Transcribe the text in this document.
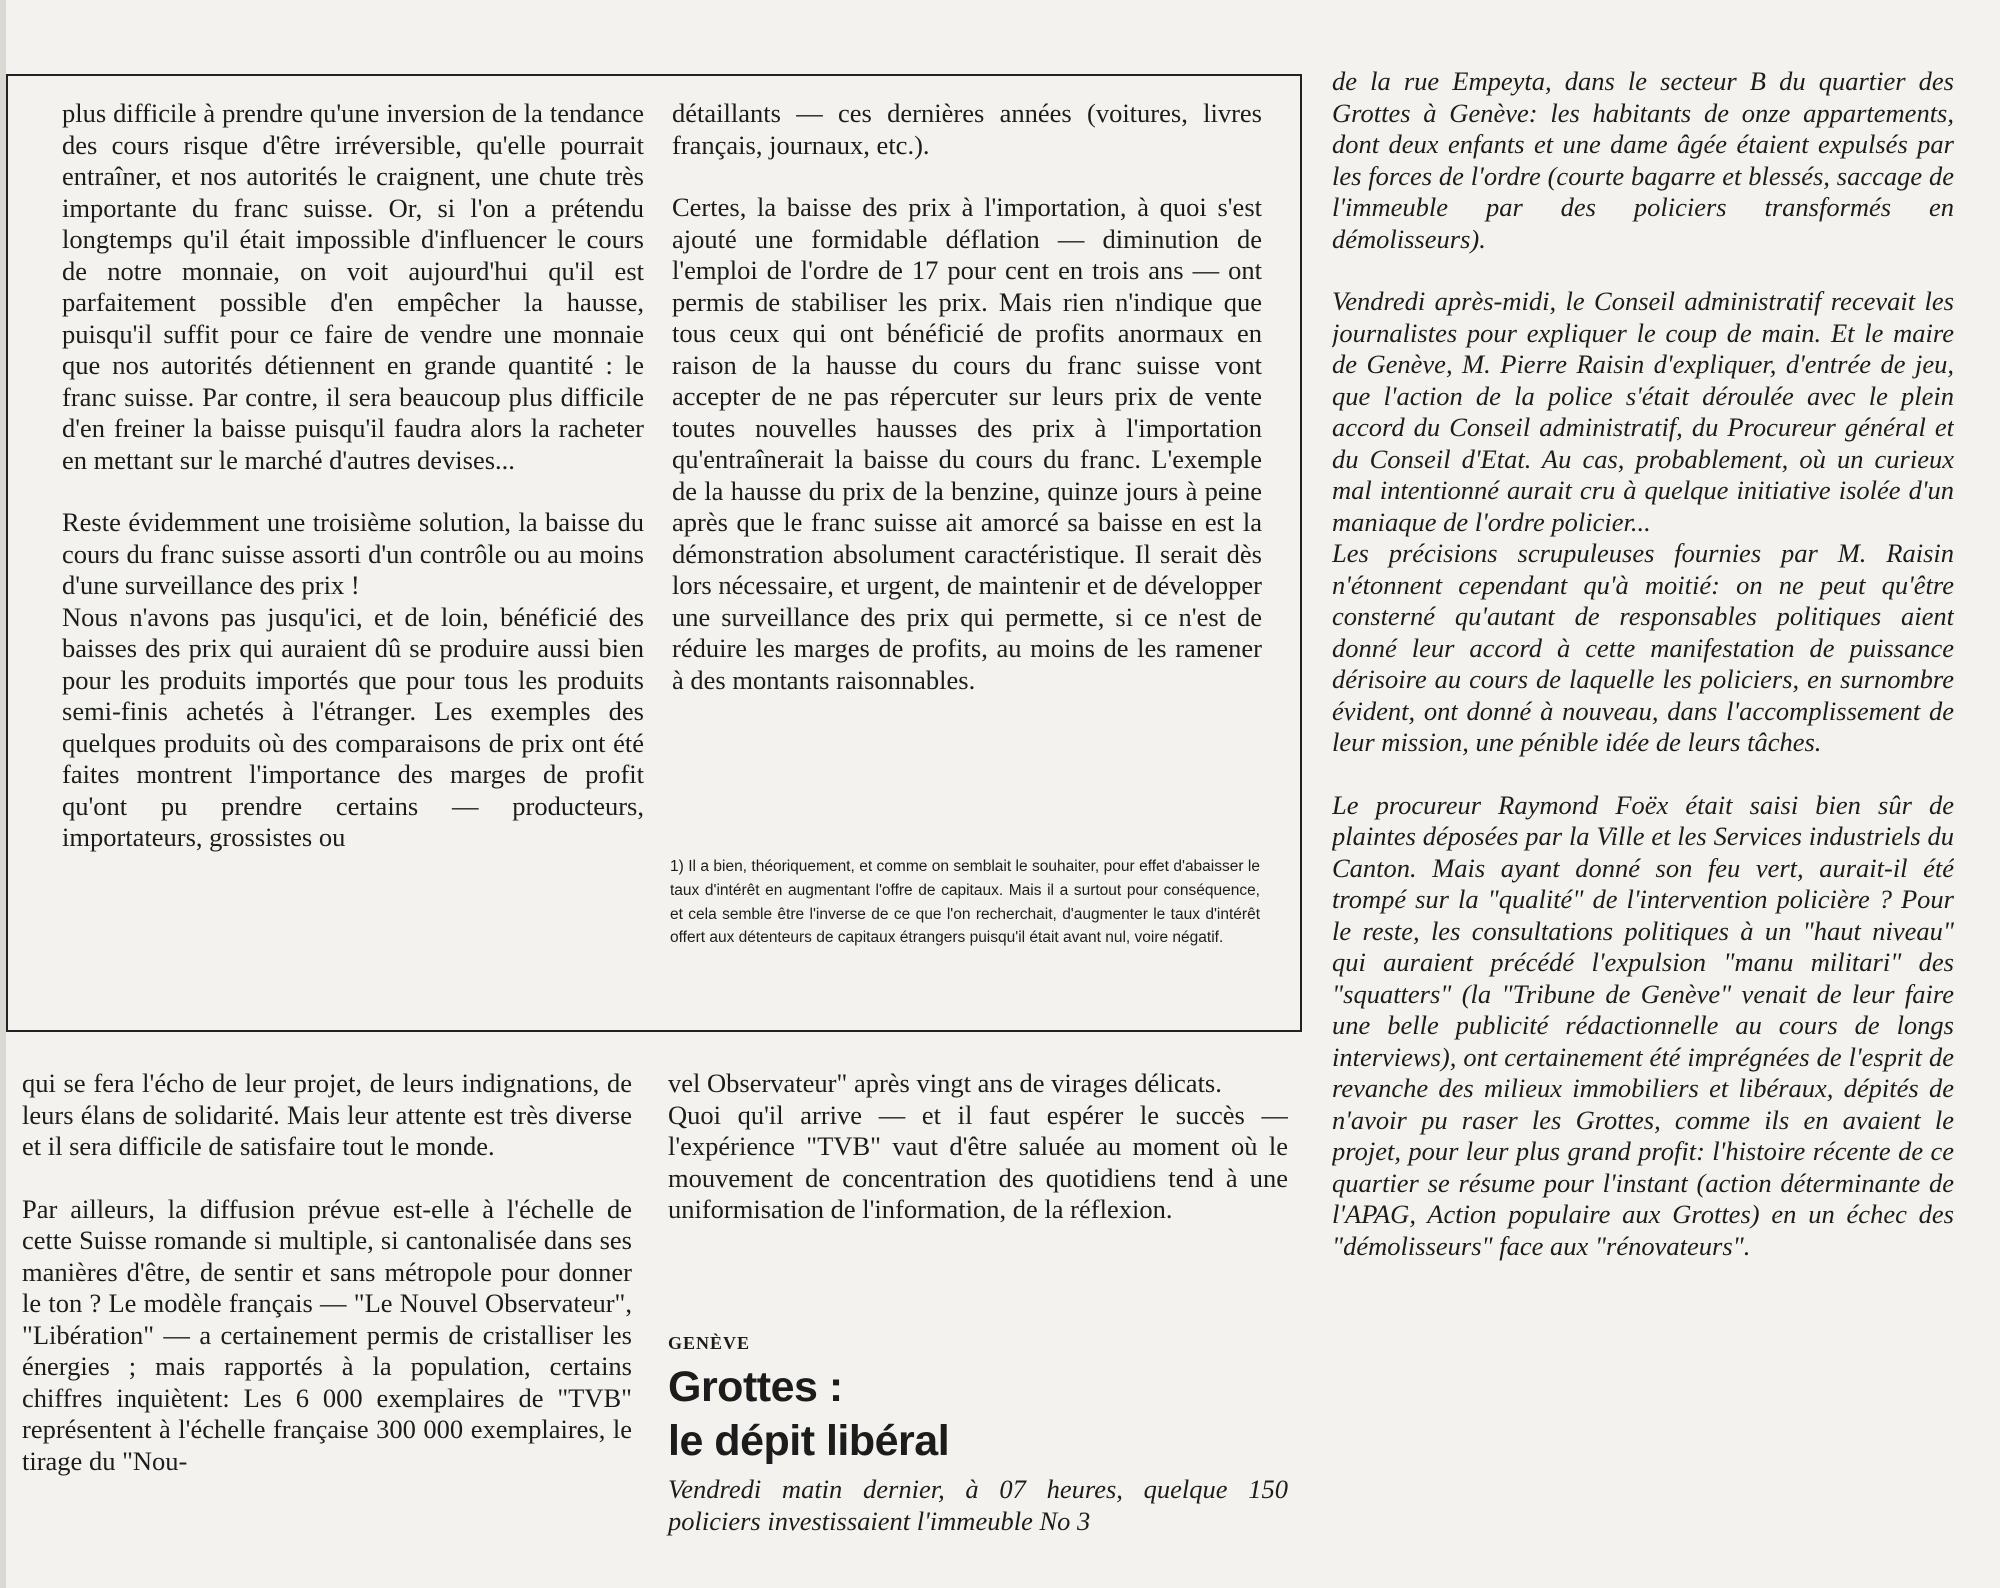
plus difficile à prendre qu'une inversion de la tendance des cours risque d'être irréversible, qu'elle pourrait entraîner, et nos autorités le craignent, une chute très importante du franc suisse. Or, si l'on a prétendu longtemps qu'il était impossible d'influencer le cours de notre monnaie, on voit aujourd'hui qu'il est parfaitement possible d'en empêcher la hausse, puisqu'il suffit pour ce faire de vendre une monnaie que nos autorités détiennent en grande quantité : le franc suisse. Par contre, il sera beaucoup plus difficile d'en freiner la baisse puisqu'il faudra alors la racheter en mettant sur le marché d'autres devises...

Reste évidemment une troisième solution, la baisse du cours du franc suisse assorti d'un contrôle ou au moins d'une surveillance des prix !

Nous n'avons pas jusqu'ici, et de loin, bénéficié des baisses des prix qui auraient dû se produire aussi bien pour les produits importés que pour tous les produits semi-finis achetés à l'étranger. Les exemples des quelques produits où des comparaisons de prix ont été faites montrent l'importance des marges de profit qu'ont pu prendre certains — producteurs, importateurs, grossistes ou

détaillants — ces dernières années (voitures, livres français, journaux, etc.).

Certes, la baisse des prix à l'importation, à quoi s'est ajouté une formidable déflation — diminution de l'emploi de l'ordre de 17 pour cent en trois ans — ont permis de stabiliser les prix. Mais rien n'indique que tous ceux qui ont bénéficié de profits anormaux en raison de la hausse du cours du franc suisse vont accepter de ne pas répercuter sur leurs prix de vente toutes nouvelles hausses des prix à l'importation qu'entraînerait la baisse du cours du franc. L'exemple de la hausse du prix de la benzine, quinze jours à peine après que le franc suisse ait amorcé sa baisse en est la démonstration absolument caractéristique. Il serait dès lors nécessaire, et urgent, de maintenir et de développer une surveillance des prix qui permette, si ce n'est de réduire les marges de profits, au moins de les ramener à des montants raisonnables.

1) Il a bien, théoriquement, et comme on semblait le souhaiter, pour effet d'abaisser le taux d'intérêt en augmentant l'offre de capitaux. Mais il a surtout pour conséquence, et cela semble être l'inverse de ce que l'on recherchait, d'augmenter le taux d'intérêt offert aux détenteurs de capitaux étrangers puisqu'il était avant nul, voire négatif.

qui se fera l'écho de leur projet, de leurs indignations, de leurs élans de solidarité. Mais leur attente est très diverse et il sera difficile de satisfaire tout le monde.

Par ailleurs, la diffusion prévue est-elle à l'échelle de cette Suisse romande si multiple, si cantonalisée dans ses manières d'être, de sentir et sans métropole pour donner le ton ? Le modèle français — "Le Nouvel Observateur", "Libération" — a certainement permis de cristalliser les énergies ; mais rapportés à la population, certains chiffres inquiètent: Les 6 000 exemplaires de "TVB" représentent à l'échelle française 300 000 exemplaires, le tirage du "Nou-

vel Observateur" après vingt ans de virages délicats.

Quoi qu'il arrive — et il faut espérer le succès — l'expérience "TVB" vaut d'être saluée au moment où le mouvement de concentration des quotidiens tend à une uniformisation de l'information, de la réflexion.

GENÈVE

Grottes :
le dépit libéral

Vendredi matin dernier, à 07 heures, quelque 150 policiers investissaient l'immeuble No 3

de la rue Empeyta, dans le secteur B du quartier des Grottes à Genève: les habitants de onze appartements, dont deux enfants et une dame âgée étaient expulsés par les forces de l'ordre (courte bagarre et blessés, saccage de l'immeuble par des policiers transformés en démolisseurs).

Vendredi après-midi, le Conseil administratif recevait les journalistes pour expliquer le coup de main. Et le maire de Genève, M. Pierre Raisin d'expliquer, d'entrée de jeu, que l'action de la police s'était déroulée avec le plein accord du Conseil administratif, du Procureur général et du Conseil d'Etat. Au cas, probablement, où un curieux mal intentionné aurait cru à quelque initiative isolée d'un maniaque de l'ordre policier...

Les précisions scrupuleuses fournies par M. Raisin n'étonnent cependant qu'à moitié: on ne peut qu'être consterné qu'autant de responsables politiques aient donné leur accord à cette manifestation de puissance dérisoire au cours de laquelle les policiers, en surnombre évident, ont donné à nouveau, dans l'accomplissement de leur mission, une pénible idée de leurs tâches.

Le procureur Raymond Foëx était saisi bien sûr de plaintes déposées par la Ville et les Services industriels du Canton. Mais ayant donné son feu vert, aurait-il été trompé sur la "qualité" de l'intervention policière ? Pour le reste, les consultations politiques à un "haut niveau" qui auraient précédé l'expulsion "manu militari" des "squatters" (la "Tribune de Genève" venait de leur faire une belle publicité rédactionnelle au cours de longs interviews), ont certainement été imprégnées de l'esprit de revanche des milieux immobiliers et libéraux, dépités de n'avoir pu raser les Grottes, comme ils en avaient le projet, pour leur plus grand profit: l'histoire récente de ce quartier se résume pour l'instant (action déterminante de l'APAG, Action populaire aux Grottes) en un échec des "démolisseurs" face aux "rénovateurs".
